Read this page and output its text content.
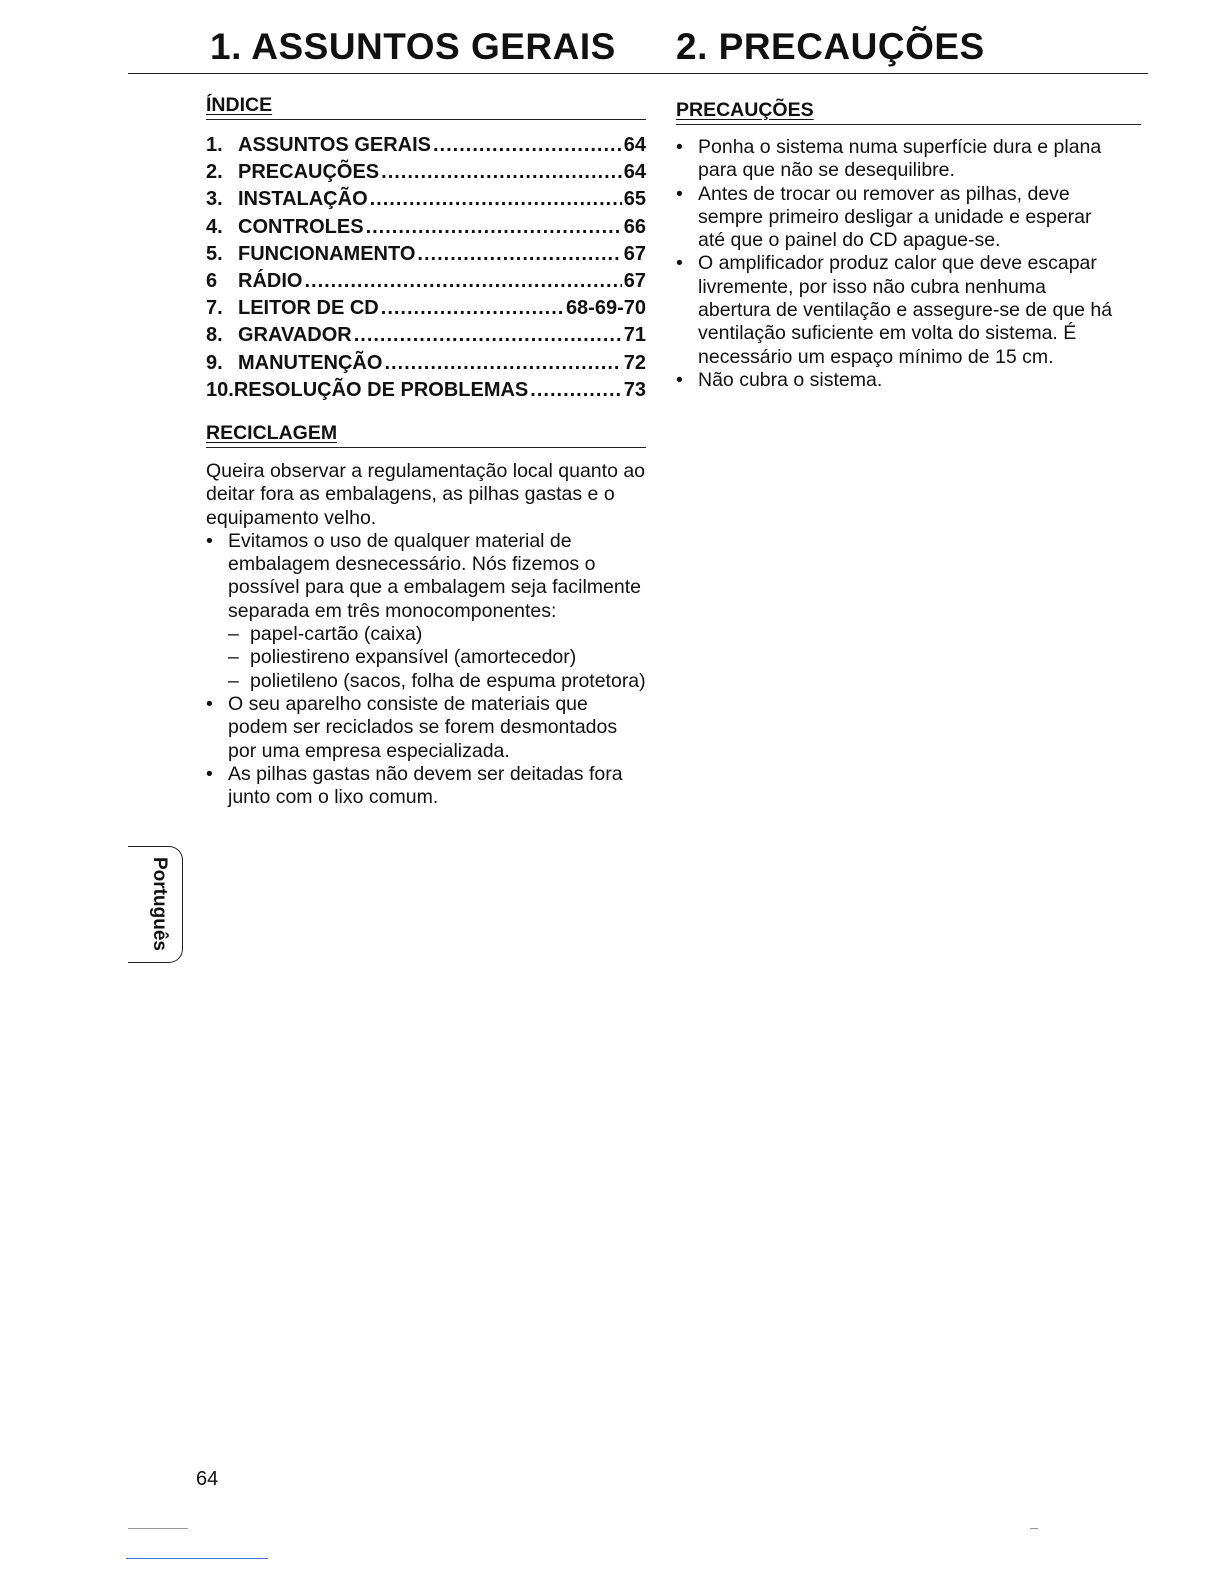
1. ASSUNTOS GERAIS 2. PRECAUÇÕES
ÍNDICE
1. ASSUNTOS GERAIS .....	64
2. PRECAUÇÕES .....	64
3. INSTALAÇÃO .....	65
4. CONTROLES .....	66
5. FUNCIONAMENTO .....	67
6	RÁDIO .....	67
7. LEITOR DE CD .....	68-69-70
8. GRAVADOR .....	71
9. MANUTENÇÃO .....	72
10. RESOLUÇÃO DE PROBLEMAS .....	73
RECICLAGEM

Queira observar a regulamentação local quanto ao deitar fora as embalagens, as pilhas gastas e o equipamento velho.

• Evitamos o uso de qualquer material de embalagem desnecessário. Nós fizemos o possível para que a embalagem seja facilmente separada em três monocomponentes:
– papel-cartão (caixa)
– poliestireno expansível (amortecedor)
– polietileno (sacos, folha de espuma protetora)
• O seu aparelho consiste de materiais que podem ser reciclados se forem desmontados por uma empresa especializada.
• As pilhas gastas não devem ser deitadas fora junto com o lixo comum.
PRECAUÇÕES
• Ponha o sistema numa superfície dura e plana para que não se desequilibre.
• Antes de trocar ou remover as pilhas, deve sempre primeiro desligar a unidade e esperar até que o painel do CD apague-se.
• O amplificador produz calor que deve escapar livremente, por isso não cubra nenhuma abertura de ventilação e assegure-se de que há ventilação suficiente em volta do sistema. É necessário um espaço mínimo de 15 cm.
• Não cubra o sistema.
Português

64
